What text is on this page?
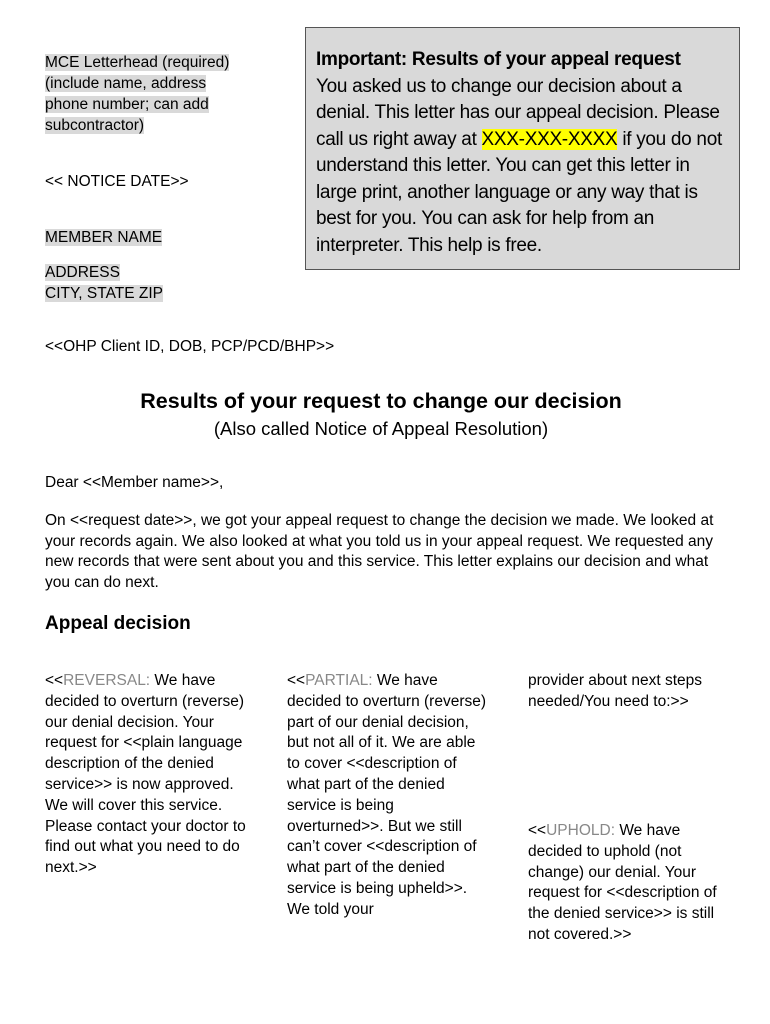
MCE Letterhead (required)
(include name, address
phone number; can add
subcontractor)
<< NOTICE DATE>>
MEMBER NAME
ADDRESS
CITY, STATE ZIP
Important: Results of your appeal request
You asked us to change our decision about a denial. This letter has our appeal decision. Please call us right away at XXX-XXX-XXXX if you do not understand this letter. You can get this letter in large print, another language or any way that is best for you. You can ask for help from an interpreter. This help is free.
<<OHP Client ID, DOB, PCP/PCD/BHP>>
Results of your request to change our decision
(Also called Notice of Appeal Resolution)
Dear <<Member name>>,
On <<request date>>, we got your appeal request to change the decision we made. We looked at your records again. We also looked at what you told us in your appeal request. We requested any new records that were sent about you and this service. This letter explains our decision and what you can do next.
Appeal decision
<<REVERSAL: We have decided to overturn (reverse) our denial decision. Your request for <<plain language description of the denied service>> is now approved. We will cover this service. Please contact your doctor to find out what you need to do next.>>
<<PARTIAL: We have decided to overturn (reverse) part of our denial decision, but not all of it. We are able to cover <<description of what part of the denied service is being overturned>>. But we still can’t cover <<description of what part of the denied service is being upheld>>. We told your
provider about next steps needed/You need to:>>
<<UPHOLD: We have decided to uphold (not change) our denial. Your request for <<description of the denied service>> is still not covered.>>
